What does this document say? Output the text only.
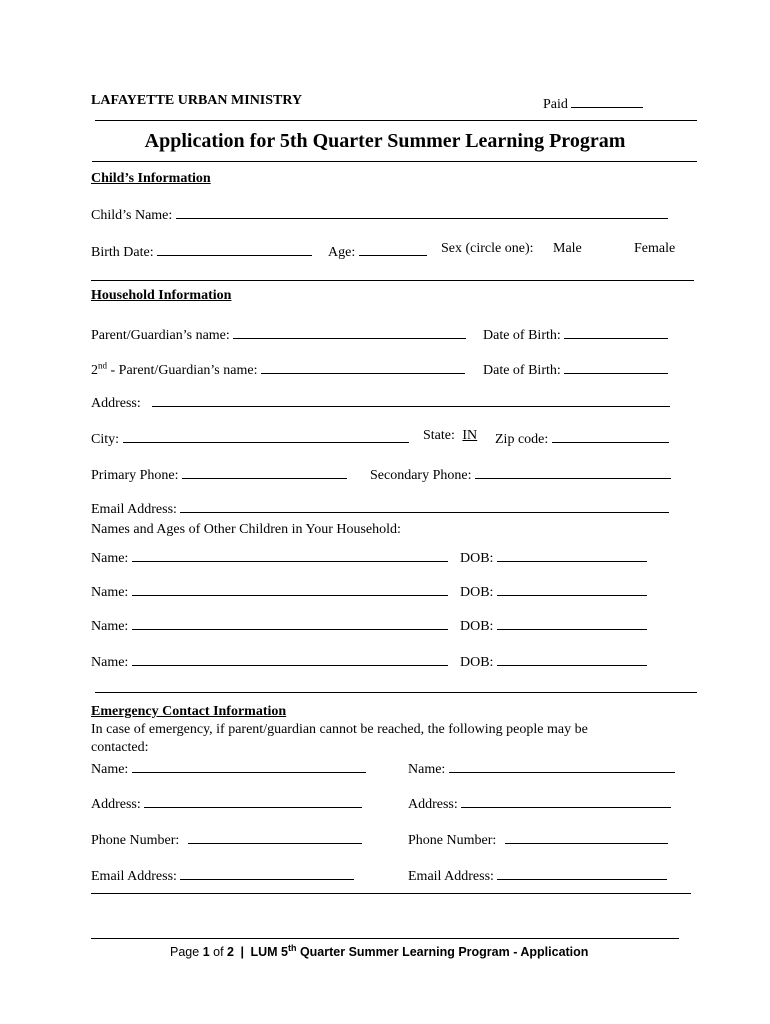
LAFAYETTE URBAN MINISTRY	Paid
Application for 5th Quarter Summer Learning Program
Child’s Information
Child’s Name:
Birth Date:	Age:	Sex (circle one): Male	Female
Household Information
Parent/Guardian’s name:	Date of Birth:
2nd - Parent/Guardian’s name:	Date of Birth:
Address:
City:	State: IN Zip code:
Primary Phone:	Secondary Phone:
Email Address:
Names and Ages of Other Children in Your Household:
Name:	DOB:
Name:	DOB:
Name:	DOB:
Name:	DOB:
Emergency Contact Information
In case of emergency, if parent/guardian cannot be reached, the following people may be
contacted:
Name:	Name:
Address:	Address:
Phone Number:	Phone Number:
Email Address:	Email Address:
Page 1 of 2 | LUM 5th Quarter Summer Learning Program - Application
